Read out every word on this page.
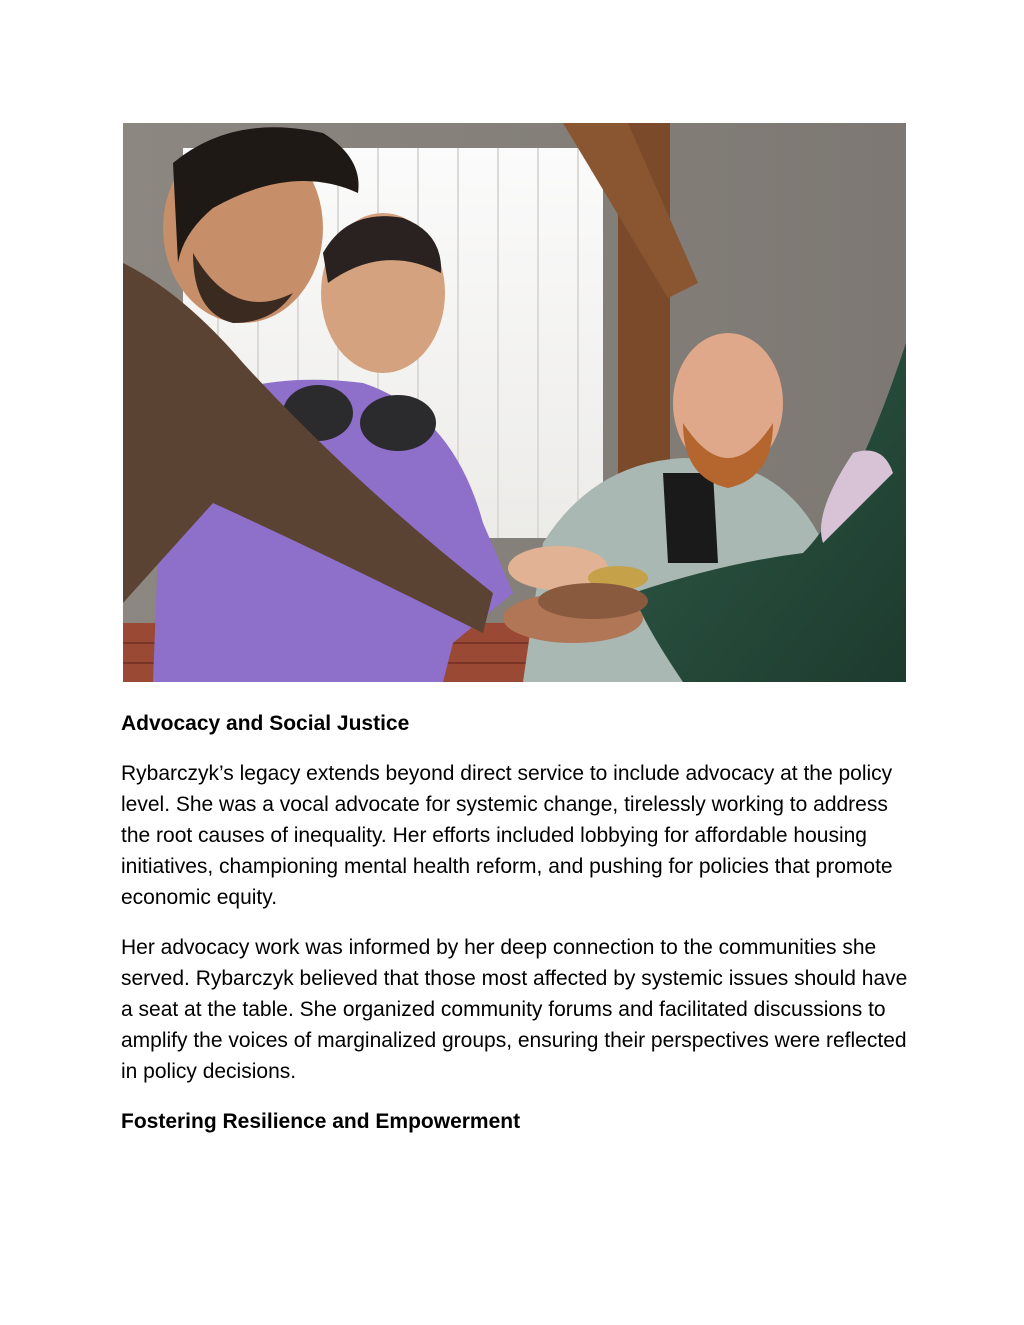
Advocacy and Social Justice

Rybarczyk’s legacy extends beyond direct service to include advocacy at the policy level. She was a vocal advocate for systemic change, tirelessly working to address the root causes of inequality. Her efforts included lobbying for affordable housing initiatives, championing mental health reform, and pushing for policies that promote economic equity.

Her advocacy work was informed by her deep connection to the communities she served. Rybarczyk believed that those most affected by systemic issues should have a seat at the table. She organized community forums and facilitated discussions to amplify the voices of marginalized groups, ensuring their perspectives were reflected in policy decisions.

Fostering Resilience and Empowerment
